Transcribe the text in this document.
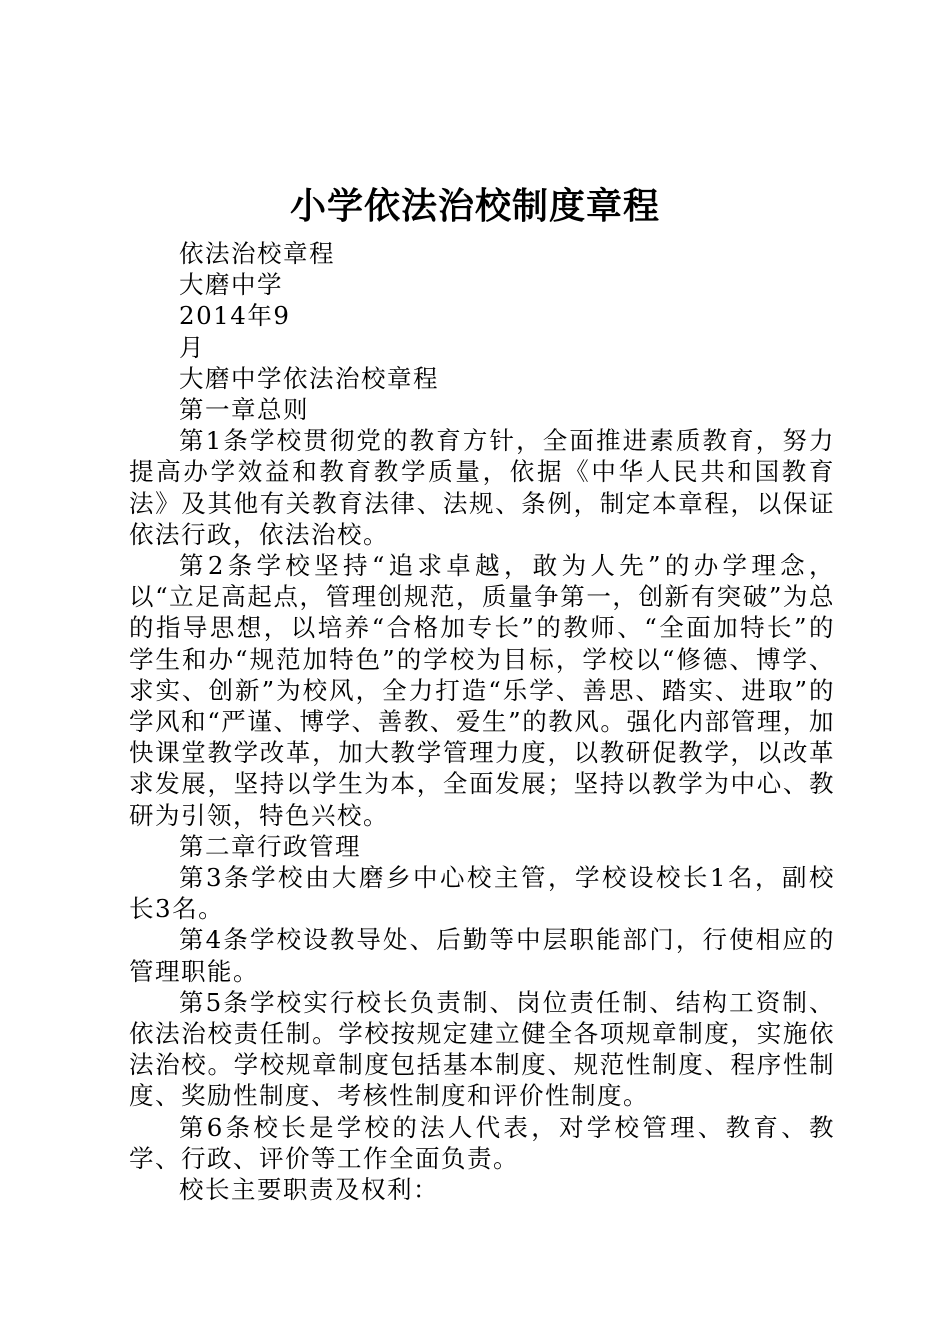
小学依法治校制度章程

依法治校章程

大磨中学

2014年9

月

大磨中学依法治校章程

第一章总则

第1条学校贯彻党的教育方针，全面推进素质教育，努力提高办学效益和教育教学质量，依据《中华人民共和国教育法》及其他有关教育法律、法规、条例，制定本章程，以保证依法行政，依法治校。

第2条学校坚持“追求卓越，敢为人先”的办学理念，以“立足高起点，管理创规范，质量争第一，创新有突破”为总的指导思想，以培养“合格加专长”的教师、“全面加特长”的学生和办“规范加特色”的学校为目标，学校以“修德、博学、求实、创新”为校风，全力打造“乐学、善思、踏实、进取”的学风和“严谨、博学、善教、爱生”的教风。强化内部管理，加快课堂教学改革，加大教学管理力度，以教研促教学，以改革求发展，坚持以学生为本，全面发展；坚持以教学为中心、教研为引领，特色兴校。

第二章行政管理

第3条学校由大磨乡中心校主管，学校设校长1名，副校长3名。

第4条学校设教导处、后勤等中层职能部门，行使相应的管理职能。

第5条学校实行校长负责制、岗位责任制、结构工资制、依法治校责任制。学校按规定建立健全各项规章制度，实施依法治校。学校规章制度包括基本制度、规范性制度、程序性制度、奖励性制度、考核性制度和评价性制度。

第6条校长是学校的法人代表，对学校管理、教育、教学、行政、评价等工作全面负责。

校长主要职责及权利：
